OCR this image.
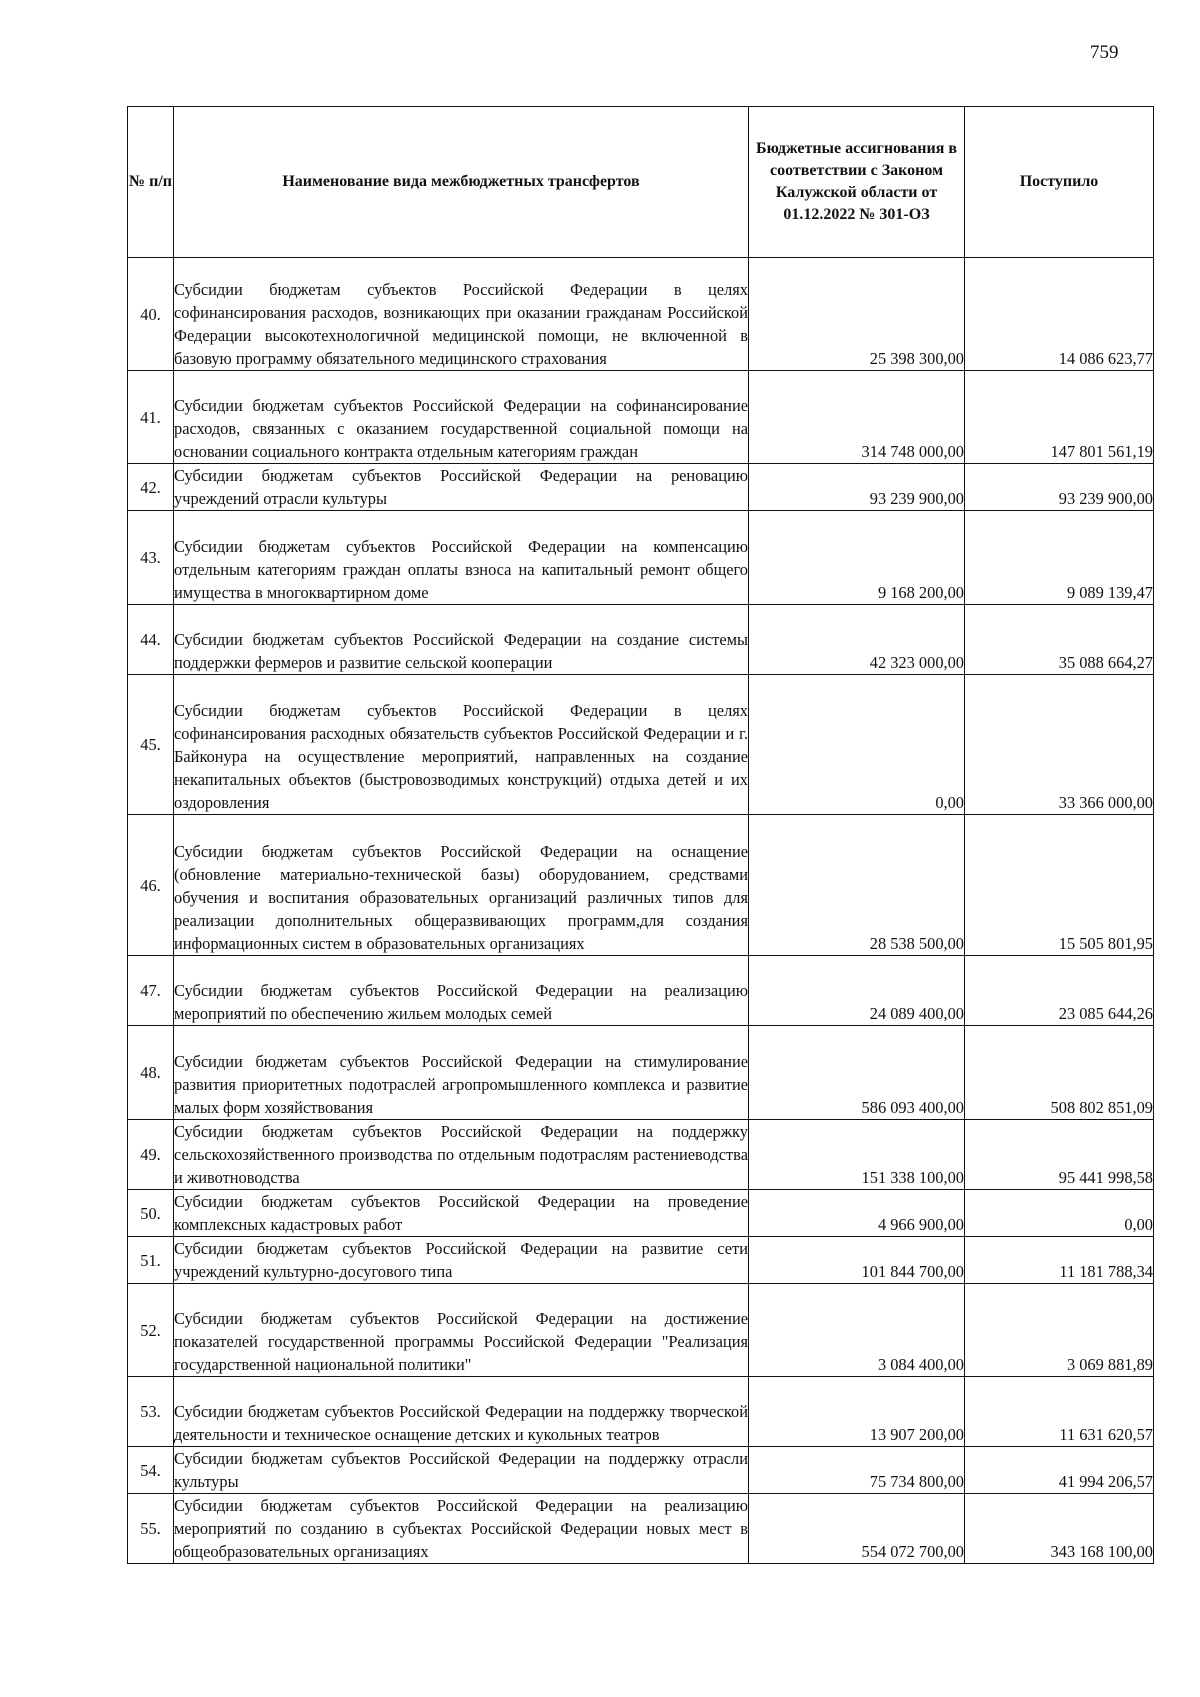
759
№ п/п	Наименование вида межбюджетных трансфертов	Бюджетные ассигнования в соответствии с Законом Калужской области от 01.12.2022 № 301-ОЗ	Поступило
40.	Субсидии бюджетам субъектов Российской Федерации в целях софинансирования расходов, возникающих при оказании гражданам Российской Федерации высокотехнологичной медицинской помощи, не включенной в базовую программу обязательного медицинского страхования	25 398 300,00	14 086 623,77
41.	Субсидии бюджетам субъектов Российской Федерации на софинансирование расходов, связанных с оказанием государственной социальной помощи на основании социального контракта отдельным категориям граждан	314 748 000,00	147 801 561,19
42.	Субсидии бюджетам субъектов Российской Федерации на реновацию учреждений отрасли культуры	93 239 900,00	93 239 900,00
43.	Субсидии бюджетам субъектов Российской Федерации на компенсацию отдельным категориям граждан оплаты взноса на капитальный ремонт общего имущества в многоквартирном доме	9 168 200,00	9 089 139,47
44.	Субсидии бюджетам субъектов Российской Федерации на создание системы поддержки фермеров и развитие сельской кооперации	42 323 000,00	35 088 664,27
45.	Субсидии бюджетам субъектов Российской Федерации в целях софинансирования расходных обязательств субъектов Российской Федерации и г. Байконура на осуществление мероприятий, направленных на создание некапитальных объектов (быстровозводимых конструкций) отдыха детей и их оздоровления	0,00	33 366 000,00
46.	Субсидии бюджетам субъектов Российской Федерации на оснащение (обновление материально-технической базы) оборудованием, средствами обучения и воспитания образовательных организаций различных типов для реализации дополнительных общеразвивающих программ,для создания информационных систем в образовательных организациях	28 538 500,00	15 505 801,95
47.	Субсидии бюджетам субъектов Российской Федерации на реализацию мероприятий по обеспечению жильем молодых семей	24 089 400,00	23 085 644,26
48.	Субсидии бюджетам субъектов Российской Федерации на стимулирование развития приоритетных подотраслей агропромышленного комплекса и развитие малых форм хозяйствования	586 093 400,00	508 802 851,09
49.	Субсидии бюджетам субъектов Российской Федерации на поддержку сельскохозяйственного производства по отдельным подотраслям растениеводства и животноводства	151 338 100,00	95 441 998,58
50.	Субсидии бюджетам субъектов Российской Федерации на проведение комплексных кадастровых работ	4 966 900,00	0,00
51.	Субсидии бюджетам субъектов Российской Федерации на развитие сети учреждений культурно-досугового типа	101 844 700,00	11 181 788,34
52.	Субсидии бюджетам субъектов Российской Федерации на достижение показателей государственной программы Российской Федерации "Реализация государственной национальной политики"	3 084 400,00	3 069 881,89
53.	Субсидии бюджетам субъектов Российской Федерации на поддержку творческой деятельности и техническое оснащение детских и кукольных театров	13 907 200,00	11 631 620,57
54.	Субсидии бюджетам субъектов Российской Федерации на поддержку отрасли культуры	75 734 800,00	41 994 206,57
55.	Субсидии бюджетам субъектов Российской Федерации на реализацию мероприятий по созданию в субъектах Российской Федерации новых мест в общеобразовательных организациях	554 072 700,00	343 168 100,00
